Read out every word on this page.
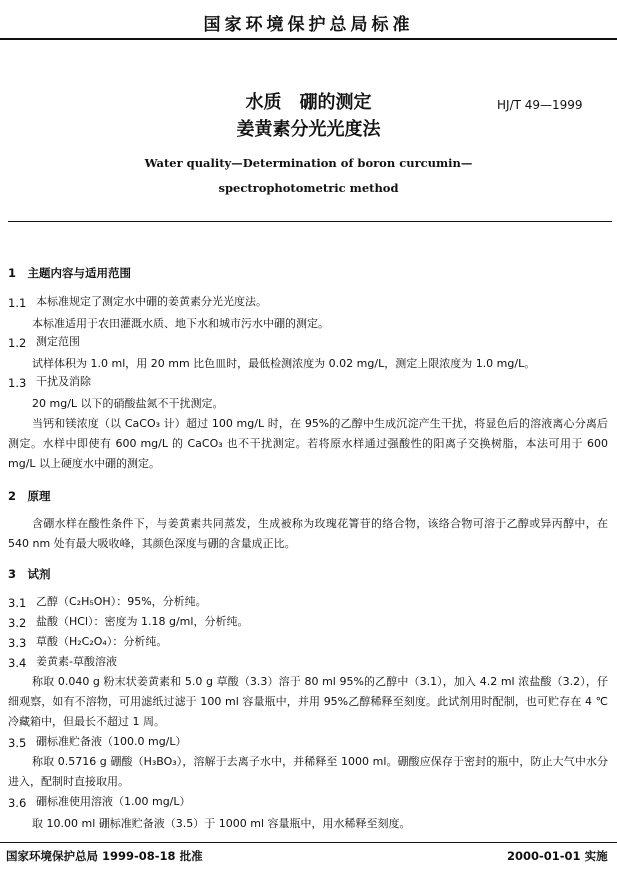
国家环境保护总局标准
水质　硼的测定
姜黄素分光光度法
HJ/T 49—1999
Water quality—Determination of boron curcumin—
spectrophotometric method
1　主题内容与适用范围
1.1 本标准规定了测定水中硼的姜黄素分光光度法。
本标准适用于农田灌溉水质、地下水和城市污水中硼的测定。
1.2 测定范围
试样体积为 1.0 ml，用 20 mm 比色皿时，最低检测浓度为 0.02 mg/L，测定上限浓度为 1.0 mg/L。
1.3 干扰及消除
20 mg/L 以下的硝酸盐氮不干扰测定。
当钙和镁浓度（以 CaCO₃ 计）超过 100 mg/L 时，在 95%的乙醇中生成沉淀产生干扰，将显色后的溶液离心分离后测定。水样中即使有 600 mg/L 的 CaCO₃ 也不干扰测定。若将原水样通过强酸性的阳离子交换树脂，本法可用于 600 mg/L 以上硬度水中硼的测定。
2　原理
含硼水样在酸性条件下，与姜黄素共同蒸发，生成被称为玫瑰花箐苷的络合物，该络合物可溶于乙醇或异丙醇中，在 540 nm 处有最大吸收峰，其颜色深度与硼的含量成正比。
3　试剂
3.1 乙醇（C₂H₅OH）：95%，分析纯。
3.2 盐酸（HCl）：密度为 1.18 g/ml，分析纯。
3.3 草酸（H₂C₂O₄）：分析纯。
3.4 姜黄素-草酸溶液
称取 0.040 g 粉末状姜黄素和 5.0 g 草酸（3.3）溶于 80 ml 95%的乙醇中（3.1），加入 4.2 ml 浓盐酸（3.2），仔细观察，如有不溶物，可用滤纸过滤于 100 ml 容量瓶中，并用 95%乙醇稀释至刻度。此试剂用时配制，也可贮存在 4 ℃ 冷藏箱中，但最长不超过 1 周。
3.5 硼标准贮备液（100.0 mg/L）
称取 0.5716 g 硼酸（H₃BO₃），溶解于去离子水中，并稀释至 1000 ml。硼酸应保存于密封的瓶中，防止大气中水分进入，配制时直接取用。
3.6 硼标准使用溶液（1.00 mg/L）
取 10.00 ml 硼标准贮备液（3.5）于 1000 ml 容量瓶中，用水稀释至刻度。
国家环境保护总局 1999-08-18 批准	2000-01-01 实施
